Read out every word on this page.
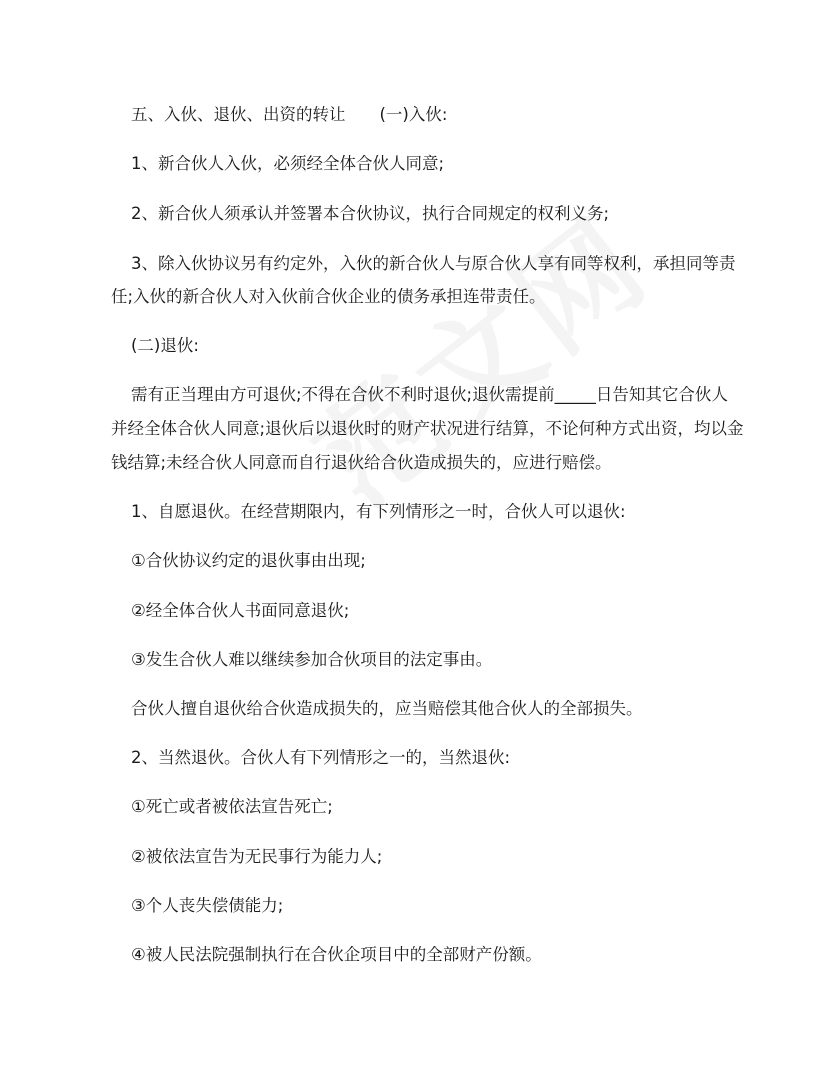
五、入伙、退伙、出资的转让 (一)入伙:
1、新合伙人入伙，必须经全体合伙人同意;
2、新合伙人须承认并签署本合伙协议，执行合同规定的权利义务;
3、除入伙协议另有约定外，入伙的新合伙人与原合伙人享有同等权利，承担同等责
任;入伙的新合伙人对入伙前合伙企业的债务承担连带责任。
(二)退伙:
需有正当理由方可退伙;不得在合伙不利时退伙;退伙需提前_____日告知其它合伙人
并经全体合伙人同意;退伙后以退伙时的财产状况进行结算，不论何种方式出资，均以金
钱结算;未经合伙人同意而自行退伙给合伙造成损失的，应进行赔偿。
1、自愿退伙。在经营期限内，有下列情形之一时，合伙人可以退伙:
①合伙协议约定的退伙事由出现;
②经全体合伙人书面同意退伙;
③发生合伙人难以继续参加合伙项目的法定事由。
合伙人擅自退伙给合伙造成损失的，应当赔偿其他合伙人的全部损失。
2、当然退伙。合伙人有下列情形之一的，当然退伙:
①死亡或者被依法宣告死亡;
②被依法宣告为无民事行为能力人;
③个人丧失偿债能力;
④被人民法院强制执行在合伙企项目中的全部财产份额。
